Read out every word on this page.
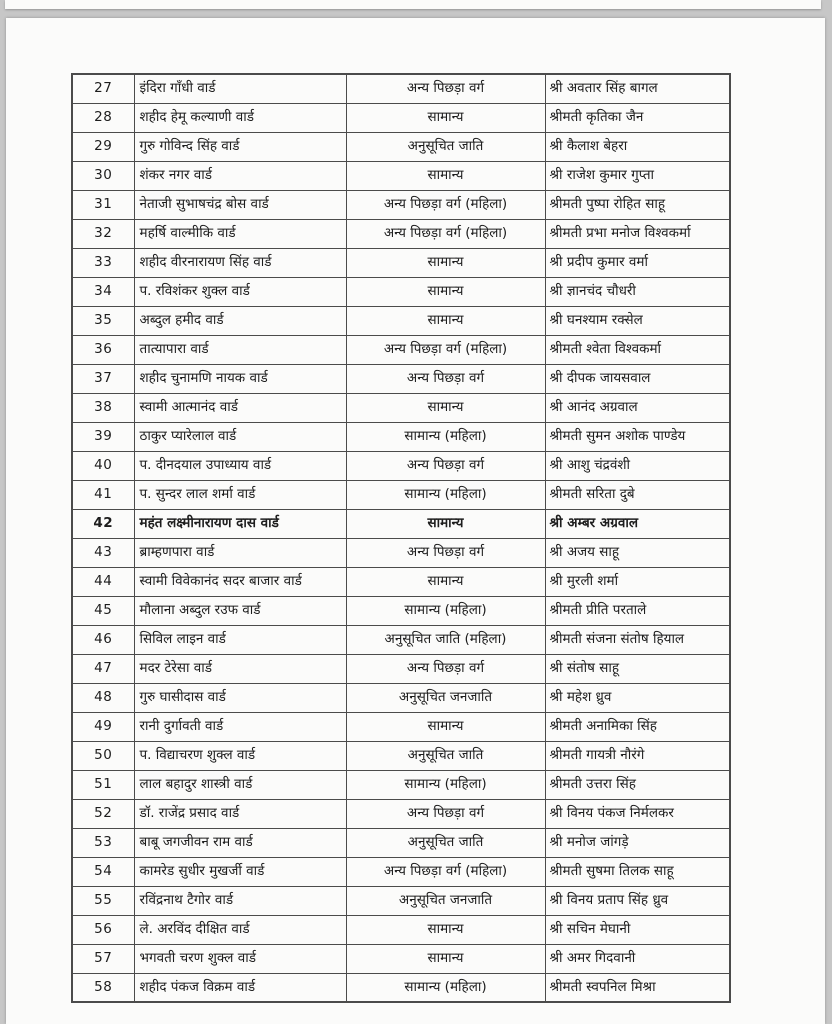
27	इंदिरा गाँधी वार्ड	अन्य पिछड़ा वर्ग	श्री अवतार सिंह बागल
28	शहीद हेमू कल्याणी वार्ड	सामान्य	श्रीमती कृतिका जैन
29	गुरु गोविन्द सिंह वार्ड	अनुसूचित जाति	श्री कैलाश बेहरा
30	शंकर नगर वार्ड	सामान्य	श्री राजेश कुमार गुप्ता
31	नेताजी सुभाषचंद्र बोस वार्ड	अन्य पिछड़ा वर्ग (महिला)	श्रीमती पुष्पा रोहित साहू
32	महर्षि वाल्मीकि वार्ड	अन्य पिछड़ा वर्ग (महिला)	श्रीमती प्रभा मनोज विश्वकर्मा
33	शहीद वीरनारायण सिंह वार्ड	सामान्य	श्री प्रदीप कुमार वर्मा
34	प. रविशंकर शुक्ल वार्ड	सामान्य	श्री ज्ञानचंद चौधरी
35	अब्दुल हमीद वार्ड	सामान्य	श्री घनश्याम रक्सेल
36	तात्यापारा वार्ड	अन्य पिछड़ा वर्ग (महिला)	श्रीमती श्वेता विश्वकर्मा
37	शहीद चुनामणि नायक वार्ड	अन्य पिछड़ा वर्ग	श्री दीपक जायसवाल
38	स्वामी आत्मानंद वार्ड	सामान्य	श्री आनंद अग्रवाल
39	ठाकुर प्यारेलाल वार्ड	सामान्य (महिला)	श्रीमती सुमन अशोक पाण्डेय
40	प. दीनदयाल उपाध्याय वार्ड	अन्य पिछड़ा वर्ग	श्री आशु चंद्रवंशी
41	प. सुन्दर लाल शर्मा वार्ड	सामान्य (महिला)	श्रीमती सरिता दुबे
42	महंत लक्ष्मीनारायण दास वार्ड	सामान्य	श्री अम्बर अग्रवाल
43	ब्राम्हणपारा वार्ड	अन्य पिछड़ा वर्ग	श्री अजय साहू
44	स्वामी विवेकानंद सदर बाजार वार्ड	सामान्य	श्री मुरली शर्मा
45	मौलाना अब्दुल रउफ वार्ड	सामान्य (महिला)	श्रीमती प्रीति परताले
46	सिविल लाइन वार्ड	अनुसूचित जाति (महिला)	श्रीमती संजना संतोष हियाल
47	मदर टेरेसा वार्ड	अन्य पिछड़ा वर्ग	श्री संतोष साहू
48	गुरु घासीदास वार्ड	अनुसूचित जनजाति	श्री महेश ध्रुव
49	रानी दुर्गावती वार्ड	सामान्य	श्रीमती अनामिका सिंह
50	प. विद्याचरण शुक्ल वार्ड	अनुसूचित जाति	श्रीमती गायत्री नौरंगे
51	लाल बहादुर शास्त्री वार्ड	सामान्य (महिला)	श्रीमती उत्तरा सिंह
52	डॉ. राजेंद्र प्रसाद वार्ड	अन्य पिछड़ा वर्ग	श्री विनय पंकज निर्मलकर
53	बाबू जगजीवन राम वार्ड	अनुसूचित जाति	श्री मनोज जांगड़े
54	कामरेड सुधीर मुखर्जी वार्ड	अन्य पिछड़ा वर्ग (महिला)	श्रीमती सुषमा तिलक साहू
55	रविंद्रनाथ टैगोर वार्ड	अनुसूचित जनजाति	श्री विनय प्रताप सिंह ध्रुव
56	ले. अरविंद दीक्षित वार्ड	सामान्य	श्री सचिन मेघानी
57	भगवती चरण शुक्ल वार्ड	सामान्य	श्री अमर गिदवानी
58	शहीद पंकज विक्रम वार्ड	सामान्य (महिला)	श्रीमती स्वपनिल मिश्रा
